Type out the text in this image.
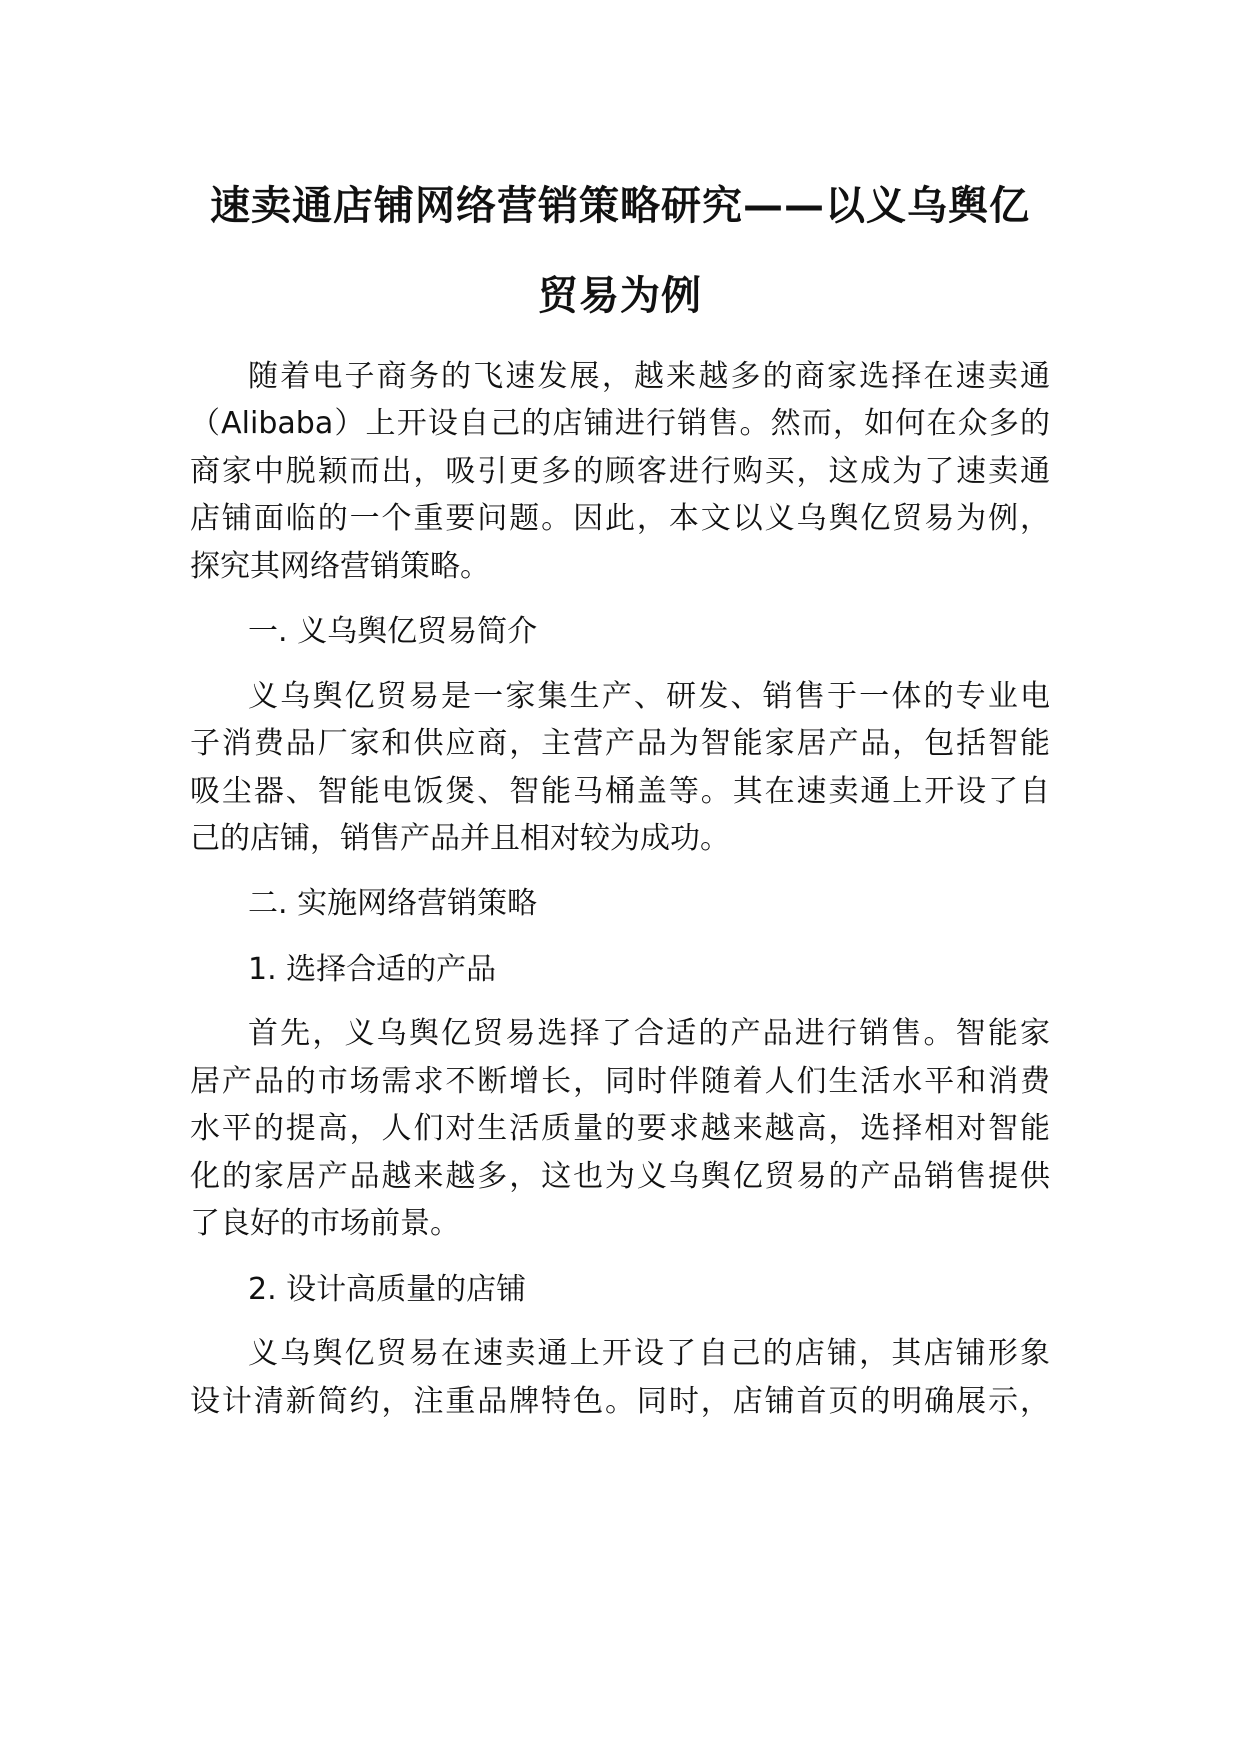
速卖通店铺网络营销策略研究——以义乌舆亿
贸易为例
随着电子商务的飞速发展，越来越多的商家选择在速卖通
（Alibaba）上开设自己的店铺进行销售。然而，如何在众多的
商家中脱颖而出，吸引更多的顾客进行购买，这成为了速卖通
店铺面临的一个重要问题。因此，本文以义乌舆亿贸易为例，
探究其网络营销策略。
一. 义乌舆亿贸易简介
义乌舆亿贸易是一家集生产、研发、销售于一体的专业电
子消费品厂家和供应商，主营产品为智能家居产品，包括智能
吸尘器、智能电饭煲、智能马桶盖等。其在速卖通上开设了自
己的店铺，销售产品并且相对较为成功。
二. 实施网络营销策略
1. 选择合适的产品
首先，义乌舆亿贸易选择了合适的产品进行销售。智能家
居产品的市场需求不断增长，同时伴随着人们生活水平和消费
水平的提高，人们对生活质量的要求越来越高，选择相对智能
化的家居产品越来越多，这也为义乌舆亿贸易的产品销售提供
了良好的市场前景。
2. 设计高质量的店铺
义乌舆亿贸易在速卖通上开设了自己的店铺，其店铺形象
设计清新简约，注重品牌特色。同时，店铺首页的明确展示，
